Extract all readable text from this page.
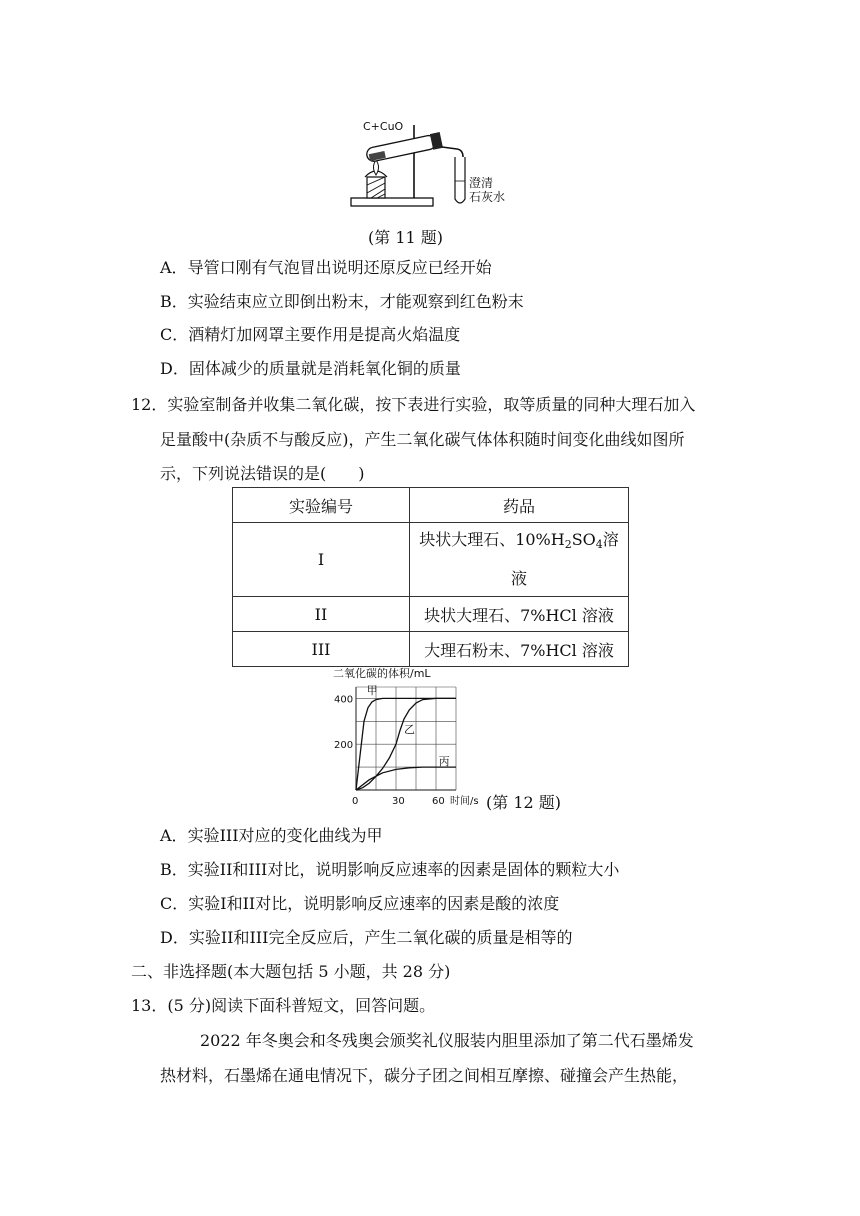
C+CuO
澄清
石灰水
(第 11 题)
A．导管口刚有气泡冒出说明还原反应已经开始
B．实验结束应立即倒出粉末，才能观察到红色粉末
C．酒精灯加网罩主要作用是提高火焰温度
D．固体减少的质量就是消耗氧化铜的质量
12．实验室制备并收集二氧化碳，按下表进行实验，取等质量的同种大理石加入
足量酸中(杂质不与酸反应)，产生二氧化碳气体体积随时间变化曲线如图所
示，下列说法错误的是(　　)
实验编号	药品
I	块状大理石、$10\%H_2SO_4$溶
液
II	块状大理石、7%HCl 溶液
III	大理石粉末、7%HCl 溶液
二氧化碳的体积/mL
时间/s
0	30	60
200
400
甲
乙
丙
(第 12 题)
A．实验III对应的变化曲线为甲
B．实验II和III对比，说明影响反应速率的因素是固体的颗粒大小
C．实验I和II对比，说明影响反应速率的因素是酸的浓度
D．实验II和III完全反应后，产生二氧化碳的质量是相等的
二、非选择题(本大题包括 5 小题，共 28 分)
13．(5 分)阅读下面科普短文，回答问题。
2022 年冬奥会和冬残奥会颁奖礼仪服装内胆里添加了第二代石墨烯发
热材料，石墨烯在通电情况下，碳分子团之间相互摩擦、碰撞会产生热能，
